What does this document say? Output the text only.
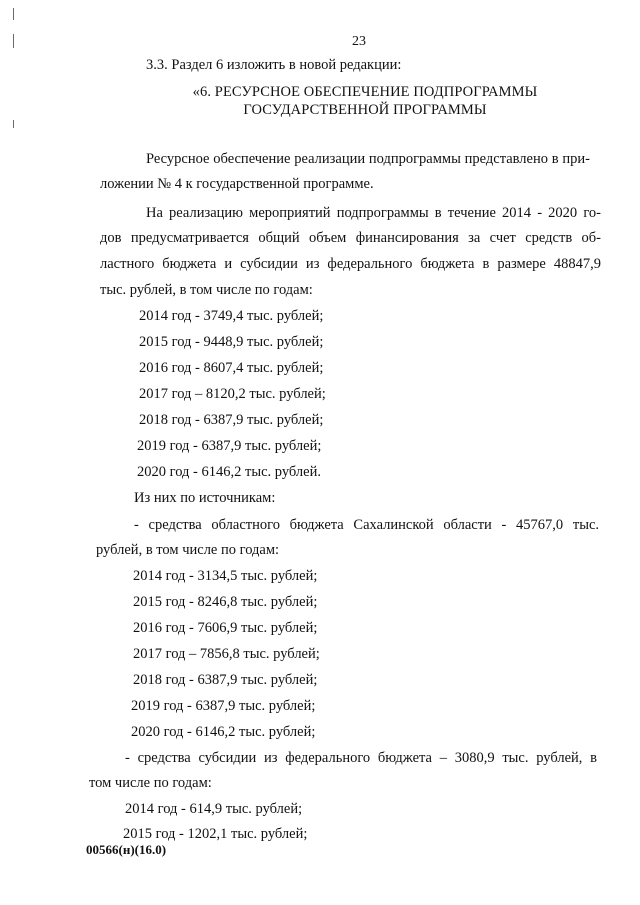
23
3.3. Раздел 6 изложить в новой редакции:
«6. РЕСУРСНОЕ ОБЕСПЕЧЕНИЕ ПОДПРОГРАММЫ
ГОСУДАРСТВЕННОЙ ПРОГРАММЫ
Ресурсное обеспечение реализации подпрограммы представлено в при-
ложении № 4 к государственной программе.
На реализацию мероприятий подпрограммы в течение 2014 - 2020 го-
дов предусматривается общий объем финансирования за счет средств об-
ластного бюджета и субсидии из федерального бюджета в размере 48847,9
тыс. рублей, в том числе по годам:
2014 год - 3749,4 тыс. рублей;
2015 год - 9448,9 тыс. рублей;
2016 год - 8607,4 тыс. рублей;
2017 год – 8120,2 тыс. рублей;
2018 год - 6387,9 тыс. рублей;
2019 год - 6387,9 тыс. рублей;
2020 год - 6146,2 тыс. рублей.
Из них по источникам:
- средства областного бюджета Сахалинской области - 45767,0 тыс.
рублей, в том числе по годам:
2014 год - 3134,5 тыс. рублей;
2015 год - 8246,8 тыс. рублей;
2016 год - 7606,9 тыс. рублей;
2017 год – 7856,8 тыс. рублей;
2018 год - 6387,9 тыс. рублей;
2019 год - 6387,9 тыс. рублей;
2020 год - 6146,2 тыс. рублей;
- средства субсидии из федерального бюджета – 3080,9 тыс. рублей, в
том числе по годам:
2014 год - 614,9 тыс. рублей;
2015 год - 1202,1 тыс. рублей;
00566(н)(16.0)
